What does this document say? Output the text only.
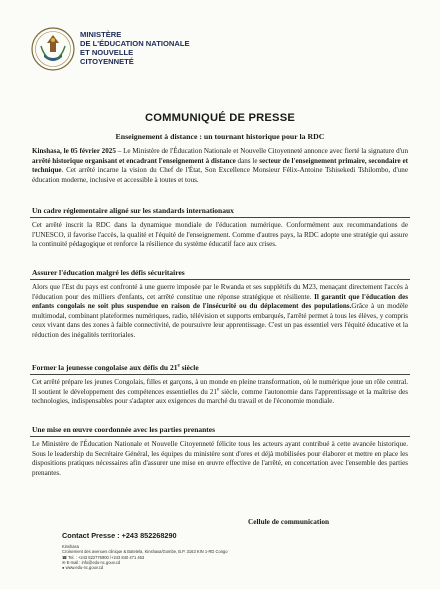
MINISTÈRE
DE L'ÉDUCATION NATIONALE
ET NOUVELLE
CITOYENNETÉ
COMMUNIQUÉ DE PRESSE
Enseignement à distance : un tournant historique pour la RDC
Kinshasa, le 05 février 2025 – Le Ministère de l'Éducation Nationale et Nouvelle Citoyenneté annonce avec fierté la signature d'un arrêté historique organisant et encadrant l'enseignement à distance dans le secteur de l'enseignement primaire, secondaire et technique. Cet arrêté incarne la vision du Chef de l'État, Son Excellence Monsieur Félix-Antoine Tshisekedi Tshilombo, d'une éducation moderne, inclusive et accessible à toutes et tous.
Un cadre réglementaire aligné sur les standards internationaux
Cet arrêté inscrit la RDC dans la dynamique mondiale de l'éducation numérique. Conformément aux recommandations de l'UNESCO, il favorise l'accès, la qualité et l'équité de l'enseignement. Comme d'autres pays, la RDC adopte une stratégie qui assure la continuité pédagogique et renforce la résilience du système éducatif face aux crises.
Assurer l'éducation malgré les défis sécuritaires
Alors que l'Est du pays est confronté à une guerre imposée par le Rwanda et ses supplétifs du M23, menaçant directement l'accès à l'éducation pour des milliers d'enfants, cet arrêté constitue une réponse stratégique et résiliente. Il garantit que l'éducation des enfants congolais ne soit plus suspendue en raison de l'insécurité ou du déplacement des populations.Grâce à un modèle multimodal, combinant plateformes numériques, radio, télévision et supports embarqués, l'arrêté permet à tous les élèves, y compris ceux vivant dans des zones à faible connectivité, de poursuivre leur apprentissage. C'est un pas essentiel vers l'équité éducative et la réduction des inégalités territoriales.
Former la jeunesse congolaise aux défis du 21e siècle
Cet arrêté prépare les jeunes Congolais, filles et garçons, à un monde en pleine transformation, où le numérique joue un rôle central. Il soutient le développement des compétences essentielles du 21e siècle, comme l'autonomie dans l'apprentissage et la maîtrise des technologies, indispensables pour s'adapter aux exigences du marché du travail et de l'économie mondiale.
Une mise en œuvre coordonnée avec les parties prenantes
Le Ministère de l'Éducation Nationale et Nouvelle Citoyenneté félicite tous les acteurs ayant contribué à cette avancée historique. Sous le leadership du Secrétaire Général, les équipes du ministère sont d'ores et déjà mobilisées pour élaborer et mettre en place les dispositions pratiques nécessaires afin d'assurer une mise en œuvre effective de l'arrêté, en concertation avec l'ensemble des parties prenantes.
Cellule de communication
Contact Presse : +243 852268290
Kinshasa
Croisement des avenues clinique & Batetela, Kinshasa/Gombe, B.P. 3163 KIN 1-RD Congo
☎ Tel. : +243 822776900 /+243 840 471 463
✉ E-mail : info@edu-nc.gouv.cd
● www.edu-nc.gouv.cd
